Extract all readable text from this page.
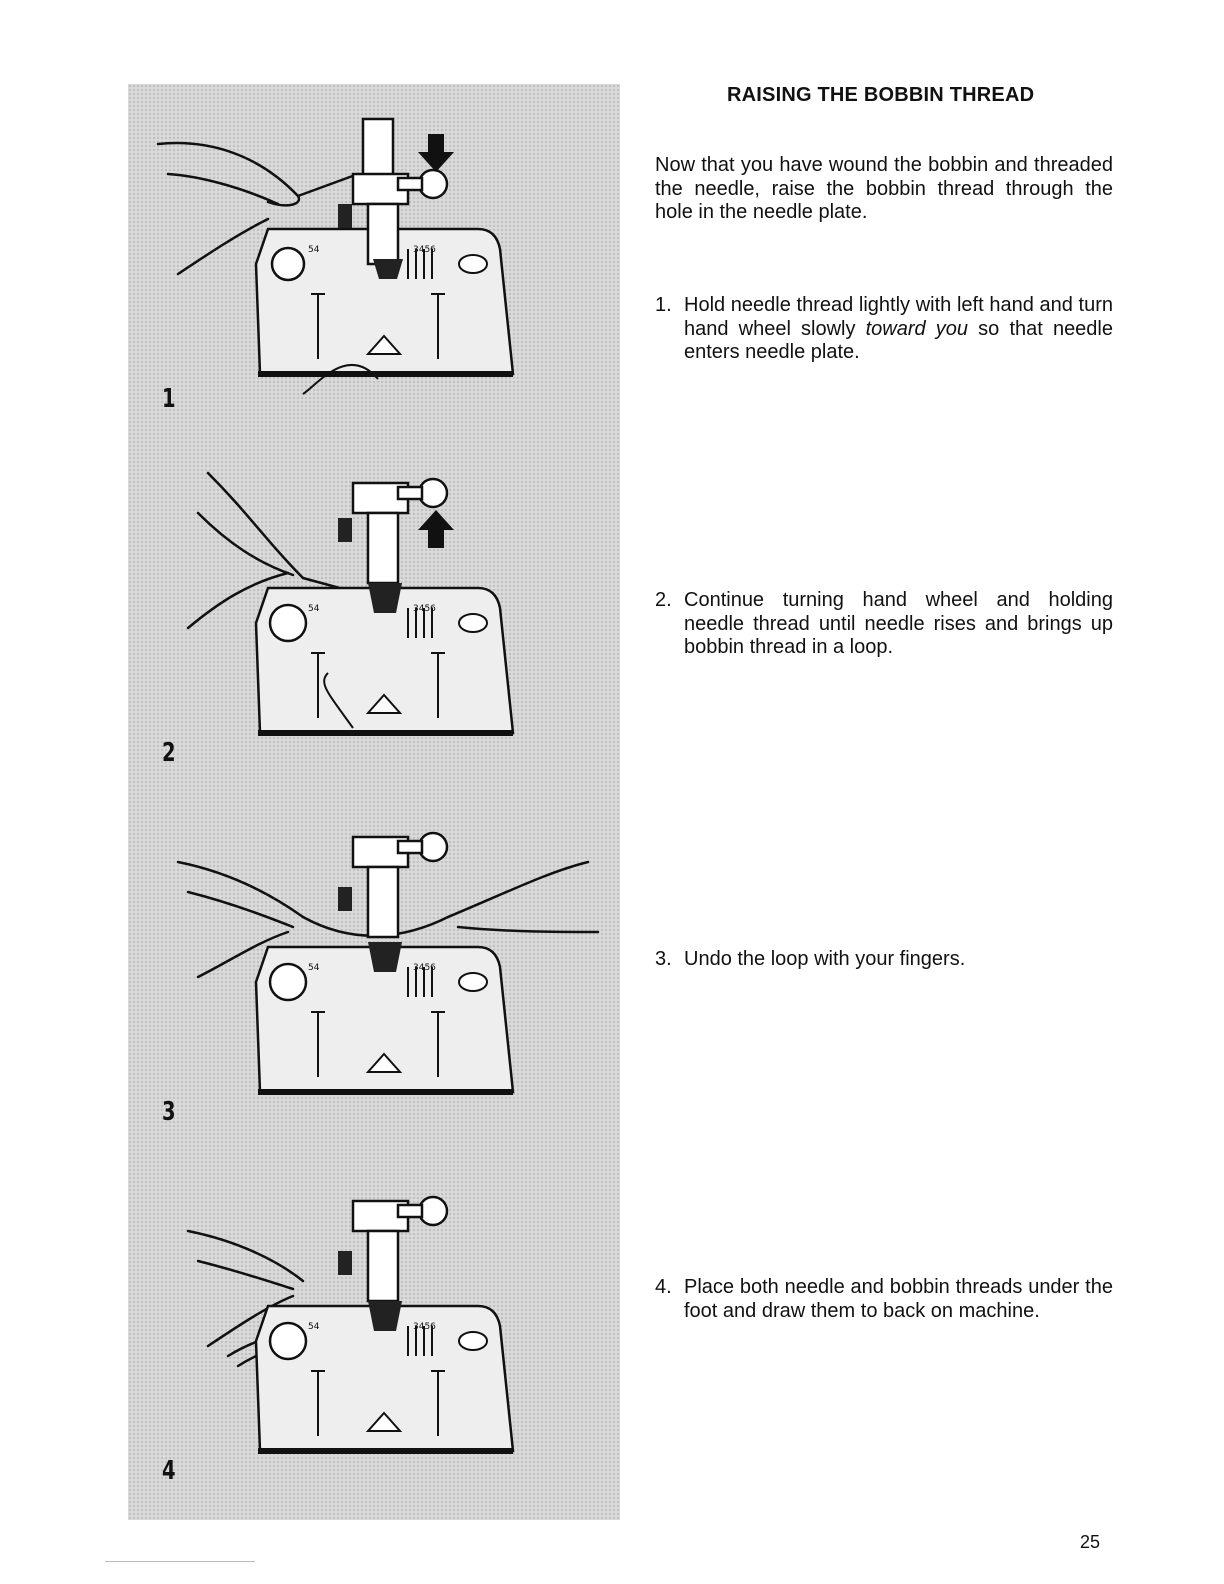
54	3456
1
54	3456
2
54	3456
3
54	3456
4
RAISING THE BOBBIN THREAD

Now that you have wound the bobbin and threaded the needle, raise the bobbin thread through the hole in the needle plate.

1. Hold needle thread lightly with left hand and turn hand wheel slowly toward you so that needle enters needle plate.
2. Continue turning hand wheel and holding needle thread until needle rises and brings up bobbin thread in a loop.
3. Undo the loop with your fingers.
4. Place both needle and bobbin threads under the foot and draw them to back on machine.
25
